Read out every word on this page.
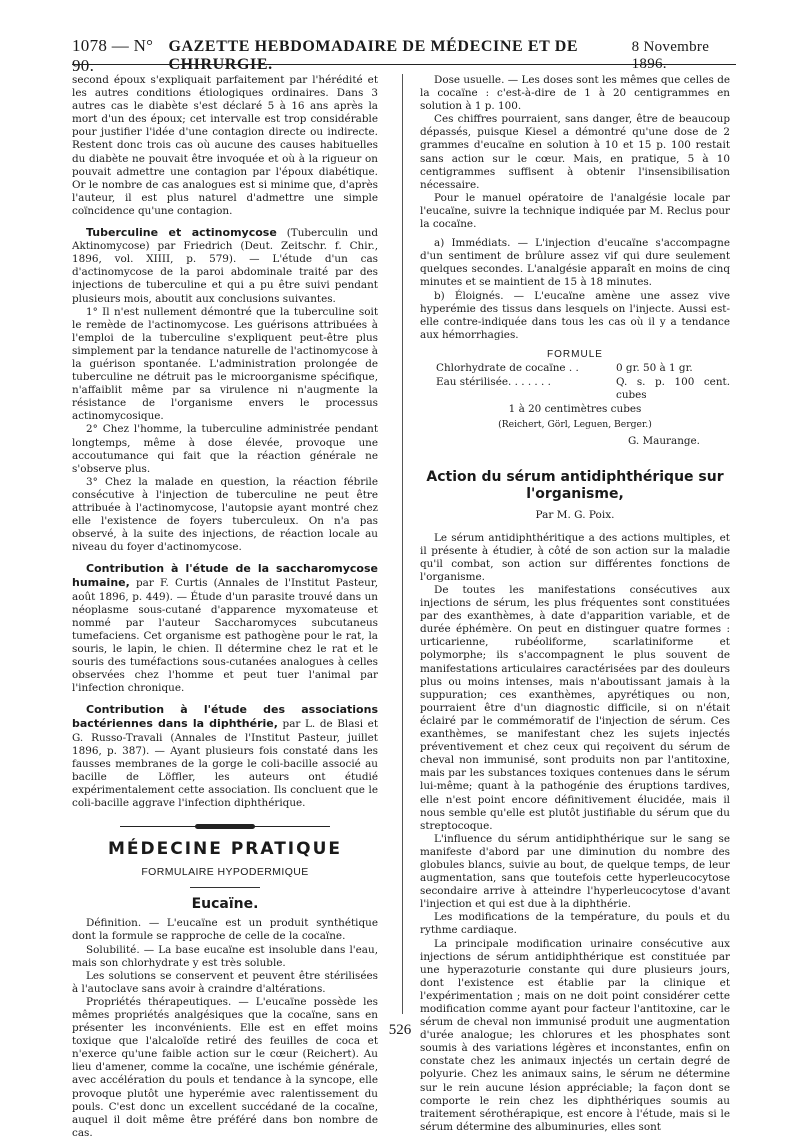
1078 — N° 90.
GAZETTE HEBDOMADAIRE DE MÉDECINE ET DE CHIRURGIE.
8 Novembre 1896.

second époux s'expliquait parfaitement par l'hérédité et les autres conditions étiologiques ordinaires. Dans 3 autres cas le diabète s'est déclaré 5 à 16 ans après la mort d'un des époux; cet intervalle est trop considérable pour justifier l'idée d'une contagion directe ou indirecte. Restent donc trois cas où aucune des causes habituelles du diabète ne pouvait être invoquée et où à la rigueur on pouvait admettre une contagion par l'époux diabétique. Or le nombre de cas analogues est si minime que, d'après l'auteur, il est plus naturel d'admettre une simple coïncidence qu'une contagion.

Tuberculine et actinomycose (Tuberculin und Aktinomycose) par Friedrich (Deut. Zeitschr. f. Chir., 1896, vol. XIIII, p. 579). — L'étude d'un cas d'actinomycose de la paroi abdominale traité par des injections de tuberculine et qui a pu être suivi pendant plusieurs mois, aboutit aux conclusions suivantes.

1° Il n'est nullement démontré que la tuberculine soit le remède de l'actinomycose. Les guérisons attribuées à l'emploi de la tuberculine s'expliquent peut-être plus simplement par la tendance naturelle de l'actinomycose à la guérison spontanée. L'administration prolongée de tuberculine ne détruit pas le microorganisme spécifique, n'affaiblit même par sa virulence ni n'augmente la résistance de l'organisme envers le processus actinomycosique.

2° Chez l'homme, la tuberculine administrée pendant longtemps, même à dose élevée, provoque une accoutumance qui fait que la réaction générale ne s'observe plus.

3° Chez la malade en question, la réaction fébrile consécutive à l'injection de tuberculine ne peut être attribuée à l'actinomycose, l'autopsie ayant montré chez elle l'existence de foyers tuberculeux. On n'a pas observé, à la suite des injections, de réaction locale au niveau du foyer d'actinomycose.

Contribution à l'étude de la saccharomycose humaine, par F. Curtis (Annales de l'Institut Pasteur, août 1896, p. 449). — Étude d'un parasite trouvé dans un néoplasme sous-cutané d'apparence myxomateuse et nommé par l'auteur Saccharomyces subcutaneus tumefaciens. Cet organisme est pathogène pour le rat, la souris, le lapin, le chien. Il détermine chez le rat et le souris des tuméfactions sous-cutanées analogues à celles observées chez l'homme et peut tuer l'animal par l'infection chronique.

Contribution à l'étude des associations bactériennes dans la diphthérie, par L. de Blasi et G. Russo-Travali (Annales de l'Institut Pasteur, juillet 1896, p. 387). — Ayant plusieurs fois constaté dans les fausses membranes de la gorge le coli-bacille associé au bacille de Löffler, les auteurs ont étudié expérimentalement cette association. Ils concluent que le coli-bacille aggrave l'infection diphthérique.

MÉDECINE PRATIQUE
FORMULAIRE HYPODERMIQUE
Eucaïne.

Définition. — L'eucaïne est un produit synthétique dont la formule se rapproche de celle de la cocaïne.

Solubilité. — La base eucaïne est insoluble dans l'eau, mais son chlorhydrate y est très soluble.

Les solutions se conservent et peuvent être stérilisées à l'autoclave sans avoir à craindre d'altérations.

Propriétés thérapeutiques. — L'eucaïne possède les mêmes propriétés analgésiques que la cocaïne, sans en présenter les inconvénients. Elle est en effet moins toxique que l'alcaloïde retiré des feuilles de coca et n'exerce qu'une faible action sur le cœur (Reichert). Au lieu d'amener, comme la cocaïne, une ischémie générale, avec accélération du pouls et tendance à la syncope, elle provoque plutôt une hyperémie avec ralentissement du pouls. C'est donc un excellent succédané de la cocaïne, auquel il doit même être préféré dans bon nombre de cas.

Dose usuelle. — Les doses sont les mêmes que celles de la cocaïne : c'est-à-dire de 1 à 20 centigrammes en solution à 1 p. 100.

Ces chiffres pourraient, sans danger, être de beaucoup dépassés, puisque Kiesel a démontré qu'une dose de 2 grammes d'eucaïne en solution à 10 et 15 p. 100 restait sans action sur le cœur. Mais, en pratique, 5 à 10 centigrammes suffisent à obtenir l'insensibilisation nécessaire.

Pour le manuel opératoire de l'analgésie locale par l'eucaïne, suivre la technique indiquée par M. Reclus pour la cocaïne.

a) Immédiats. — L'injection d'eucaïne s'accompagne d'un sentiment de brûlure assez vif qui dure seulement quelques secondes. L'analgésie apparaît en moins de cinq minutes et se maintient de 15 à 18 minutes.

b) Éloignés. — L'eucaïne amène une assez vive hyperémie des tissus dans lesquels on l'injecte. Aussi est-elle contre-indiquée dans tous les cas où il y a tendance aux hémorrhagies.

FORMULE
Chlorhydrate de cocaïne . .	0 gr. 50 à 1 gr.
Eau stérilisée. . . . . . .	Q. s. p. 100 cent. cubes
1 à 20 centimètres cubes
(Reichert, Görl, Leguen, Berger.)
G. Maurange.
Action du sérum antidiphthérique sur l'organisme,
Par M. G. Poix.

Le sérum antidiphthéritique a des actions multiples, et il présente à étudier, à côté de son action sur la maladie qu'il combat, son action sur différentes fonctions de l'organisme.

De toutes les manifestations consécutives aux injections de sérum, les plus fréquentes sont constituées par des exanthèmes, à date d'apparition variable, et de durée éphémère. On peut en distinguer quatre formes : urticarienne, rubéoliforme, scarlatiniforme et polymorphe; ils s'accompagnent le plus souvent de manifestations articulaires caractérisées par des douleurs plus ou moins intenses, mais n'aboutissant jamais à la suppuration; ces exanthèmes, apyrétiques ou non, pourraient être d'un diagnostic difficile, si on n'était éclairé par le commémoratif de l'injection de sérum. Ces exanthèmes, se manifestant chez les sujets injectés préventivement et chez ceux qui reçoivent du sérum de cheval non immunisé, sont produits non par l'antitoxine, mais par les substances toxiques contenues dans le sérum lui-même; quant à la pathogénie des éruptions tardives, elle n'est point encore définitivement élucidée, mais il nous semble qu'elle est plutôt justifiable du sérum que du streptocoque.

L'influence du sérum antidiphthérique sur le sang se manifeste d'abord par une diminution du nombre des globules blancs, suivie au bout, de quelque temps, de leur augmentation, sans que toutefois cette hyperleucocytose secondaire arrive à atteindre l'hyperleucocytose d'avant l'injection et qui est due à la diphthérie.

Les modifications de la température, du pouls et du rythme cardiaque.

La principale modification urinaire consécutive aux injections de sérum antidiphthérique est constituée par une hyperazoturie constante qui dure plusieurs jours, dont l'existence est établie par la clinique et l'expérimentation ; mais on ne doit point considérer cette modification comme ayant pour facteur l'antitoxine, car le sérum de cheval non immunisé produit une augmentation d'urée analogue; les chlorures et les phosphates sont soumis à des variations légères et inconstantes, enfin on constate chez les animaux injectés un certain degré de polyurie. Chez les animaux sains, le sérum ne détermine sur le rein aucune lésion appréciable; la façon dont se comporte le rein chez les diphthériques soumis au traitement sérothérapique, est encore à l'étude, mais si le sérum détermine des albuminuries, elles sont

526
